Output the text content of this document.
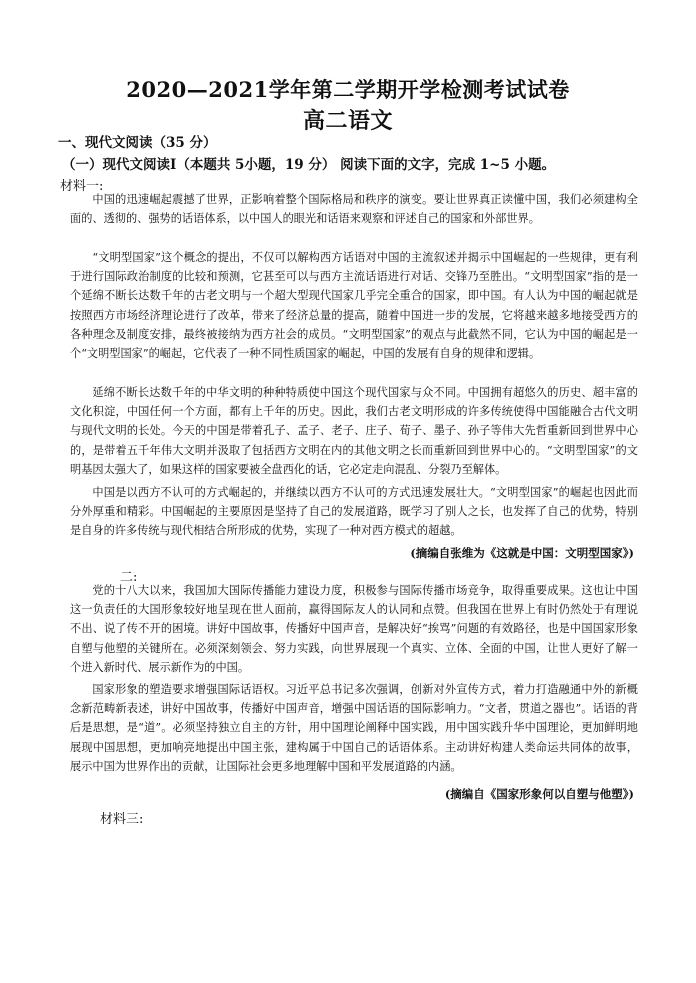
2020—2021学年第二学期开学检测考试试卷
高二语文
一、现代文阅读（35 分）
（一）现代文阅读Ⅰ（本题共 5小题，19 分） 阅读下面的文字，完成 1~5 小题。
材料一:
中国的迅速崛起震撼了世界，正影响着整个国际格局和秩序的演变。要让世界真正读懂中国，我们必须建构全面的、透彻的、强势的话语体系，以中国人的眼光和话语来观察和评述自己的国家和外部世界。
“文明型国家”这个概念的提出，不仅可以解构西方话语对中国的主流叙述并揭示中国崛起的一些规律，更有利于进行国际政治制度的比较和预测，它甚至可以与西方主流话语进行对话、交锋乃至胜出。“文明型国家”指的是一个延绵不断长达数千年的古老文明与一个超大型现代国家几乎完全重合的国家，即中国。有人认为中国的崛起就是按照西方市场经济理论进行了改革，带来了经济总量的提高，随着中国进一步的发展，它将越来越多地接受西方的各种理念及制度安排，最终被接纳为西方社会的成员。“文明型国家”的观点与此截然不同，它认为中国的崛起是一个“文明型国家”的崛起，它代表了一种不同性质国家的崛起，中国的发展有自身的规律和逻辑。
延绵不断长达数千年的中华文明的种种特质使中国这个现代国家与众不同。中国拥有超悠久的历史、超丰富的文化积淀，中国任何一个方面，都有上千年的历史。因此，我们古老文明形成的许多传统使得中国能融合古代文明与现代文明的长处。今天的中国是带着孔子、孟子、老子、庄子、荀子、墨子、孙子等伟大先哲重新回到世界中心的，是带着五千年伟大文明并汲取了包括西方文明在内的其他文明之长而重新回到世界中心的。“文明型国家”的文明基因太强大了，如果这样的国家要被全盘西化的话，它必定走向混乱、分裂乃至解体。
中国是以西方不认可的方式崛起的，并继续以西方不认可的方式迅速发展壮大。“文明型国家”的崛起也因此而分外厚重和精彩。中国崛起的主要原因是坚持了自己的发展道路，既学习了别人之长，也发挥了自己的优势，特别是自身的许多传统与现代相结合所形成的优势，实现了一种对西方模式的超越。
(摘编自张维为《这就是中国：文明型国家》)
二:
党的十八大以来，我国加大国际传播能力建设力度，积极参与国际传播市场竞争，取得重要成果。这也让中国这一负责任的大国形象较好地呈现在世人面前，赢得国际友人的认同和点赞。但我国在世界上有时仍然处于有理说不出、说了传不开的困境。讲好中国故事，传播好中国声音，是解决好“挨骂”问题的有效路径，也是中国国家形象自塑与他塑的关键所在。必须深刻领会、努力实践，向世界展现一个真实、立体、全面的中国，让世人更好了解一个进入新时代、展示新作为的中国。
国家形象的塑造要求增强国际话语权。习近平总书记多次强调，创新对外宣传方式，着力打造融通中外的新概念新范畴新表述，讲好中国故事，传播好中国声音，增强中国话语的国际影响力。“文者，贯道之器也”。话语的背后是思想，是“道”。必须坚持独立自主的方针，用中国理论阐释中国实践，用中国实践升华中国理论，更加鲜明地展现中国思想，更加响亮地提出中国主张，建构属于中国自己的话语体系。主动讲好构建人类命运共同体的故事，展示中国为世界作出的贡献，让国际社会更多地理解中国和平发展道路的内涵。
(摘编自《国家形象何以自塑与他塑》)
材料三:
